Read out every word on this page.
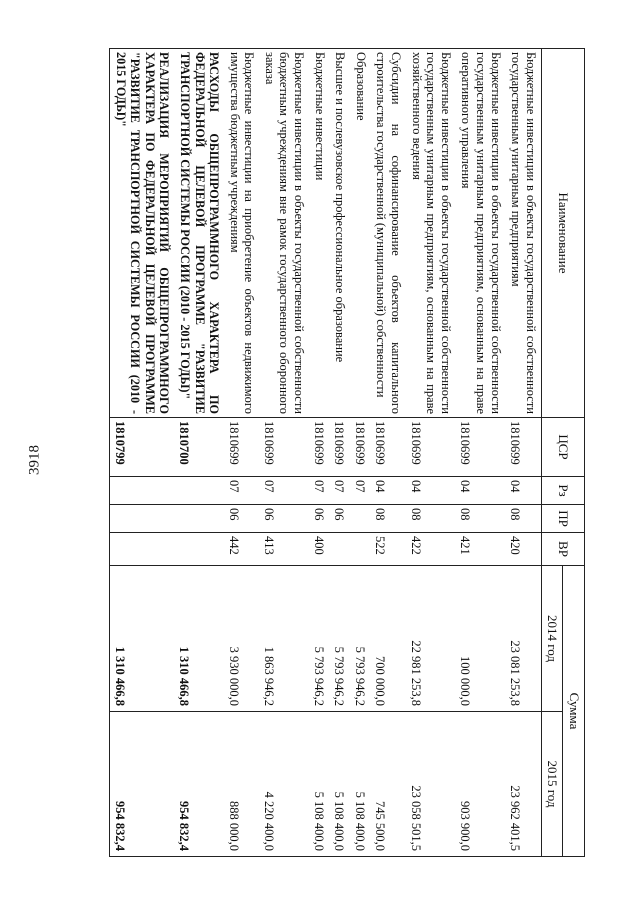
3918
Наименование	ЦСР	Рз	ПР	ВР	Сумма	
					2014 год	2015 год
Бюджетные инвестиции в объекты государственной собственности государственным унитарным предприятиям	1810699	04	08	420	23 081 253,8	23 962 401,5
Бюджетные инвестиции в объекты государственной собственности государственным унитарным предприятиям, основанным на праве оперативного управления	1810699	04	08	421	100 000,0	903 900,0
Бюджетные инвестиции в объекты государственной собственности государственным унитарным предприятиям, основанным на праве хозяйственного ведения	1810699	04	08	422	22 981 253,8	23 058 501,5
Субсидии на софинансирование объектов капитального строительства государственной (муниципальной) собственности	1810699	04	08	522	700 000,0	745 500,0
Образование	1810699	07			5 793 946,2	5 108 400,0
Высшее и послевузовское профессиональное образование	1810699	07	06		5 793 946,2	5 108 400,0
Бюджетные инвестиции	1810699	07	06	400	5 793 946,2	5 108 400,0
Бюджетные инвестиции в объекты государственной собственности бюджетным учреждениям вне рамок государственного оборонного заказа	1810699	07	06	413	1 863 946,2	4 220 400,0
Бюджетные инвестиции на приобретение объектов недвижимого имущества бюджетным учреждениям	1810699	07	06	442	3 930 000,0	888 000,0
РАСХОДЫ ОБЩЕПРОГРАММНОГО ХАРАКТЕРА ПО ФЕДЕРАЛЬНОЙ ЦЕЛЕВОЙ ПРОГРАММЕ "РАЗВИТИЕ ТРАНСПОРТНОЙ СИСТЕМЫ РОССИИ (2010 - 2015 ГОДЫ)"	1810700				1 310 466,8	954 832,4
РЕАЛИЗАЦИЯ МЕРОПРИЯТИЙ ОБЩЕПРОГРАММНОГО ХАРАКТЕРА ПО ФЕДЕРАЛЬНОЙ ЦЕЛЕВОЙ ПРОГРАММЕ "РАЗВИТИЕ ТРАНСПОРТНОЙ СИСТЕМЫ РОССИИ (2010 - 2015 ГОДЫ)"	1810799				1 310 466,8	954 832,4
